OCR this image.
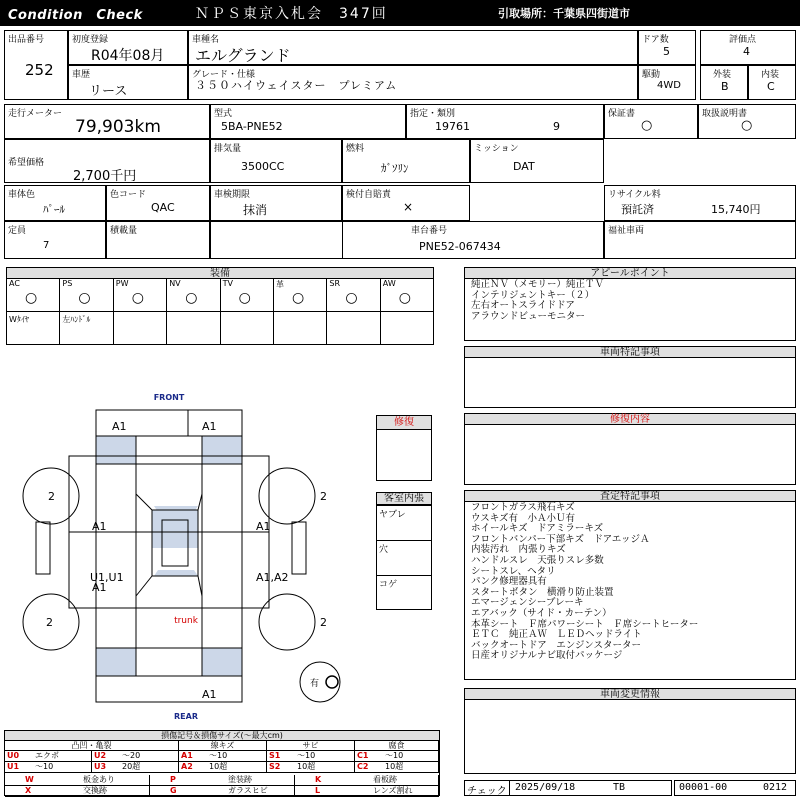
Condition　Check	ＮＰＳ東京入札会　347回	引取場所：千葉県四街道市
出品番号
252
初度登録
R04年08月
車種名
エルグランド
ドア数
5
評価点
4
車歴
リース
グレード・仕様
３５０ハイウェイスター　プレミアム
駆動
4WD
外装
B
内装
C
走行メーター
79,903km
型式
5BA-PNE52
指定・類別
19761	9
保証書
○
取扱説明書
○
希望価格
2,700千円
排気量
3500CC
燃料
ｶﾞｿﾘﾝ
ミッション
DAT
車体色
ﾊﾟｰﾙ
色コード
QAC
車検期限
抹消
検付自賠責
×
リサイクル料
預託済	15,740円
定員
7
積載量	車台番号
PNE52-067434
福祉車両
装備
AC
○
PS
○
PW
○
NV
○
TV
○
革
○
SR
○
AW
○
Wﾀｲﾔ	左ﾊﾝﾄﾞﾙ
アピールポイント
純正ＮＶ（メモリー）純正ＴＶ
インテリジェントキー（２）
左右オートスライドドア
アラウンドビューモニター
車両特記事項
FRONT
REAR
trunk
A1	A1
A1	A1
U1,U1
A1
A1,A2
A1
2	2
2	2
有
修復
客室内張
ヤブレ
穴
コゲ
修復内容
査定特記事項
フロントガラス飛石キズ
ウスキズ有　小Ａ小Ｕ有
ホイールキズ　ドアミラーキズ
フロントバンパー下部キズ　ドアエッジＡ
内装汚れ　内張りキズ
ハンドルスレ　天張りスレ多数
シートスレ、ヘタリ
パンク修理器具有
スタートボタン　横滑り防止装置
エマージェンシーブレーキ
エアバック（サイド・カーテン）
本革シート　Ｆ席パワーシート　Ｆ席シートヒーター
ＥＴＣ　純正ＡＷ　ＬＥＤヘッドライト
バックオートドア　エンジンスターター
日産オリジナルナビ取付パッケージ
車両変更情報
損傷記号＆損傷サイズ(〜最大cm)
凸凹・亀裂	線キズ	サビ	腐食
U0 エクボ	U2 〜20	A1 〜10	S1 〜10	C1 〜10
U1 〜10	U3 20超	A2 10超	S2 10超	C2 10超
W	板金あり	P	塗装跡	K	看板跡
X	交換跡	G	ガラスヒビ	L	レンズ割れ	チェック 2025/09/18	TB	00001-00	0212
